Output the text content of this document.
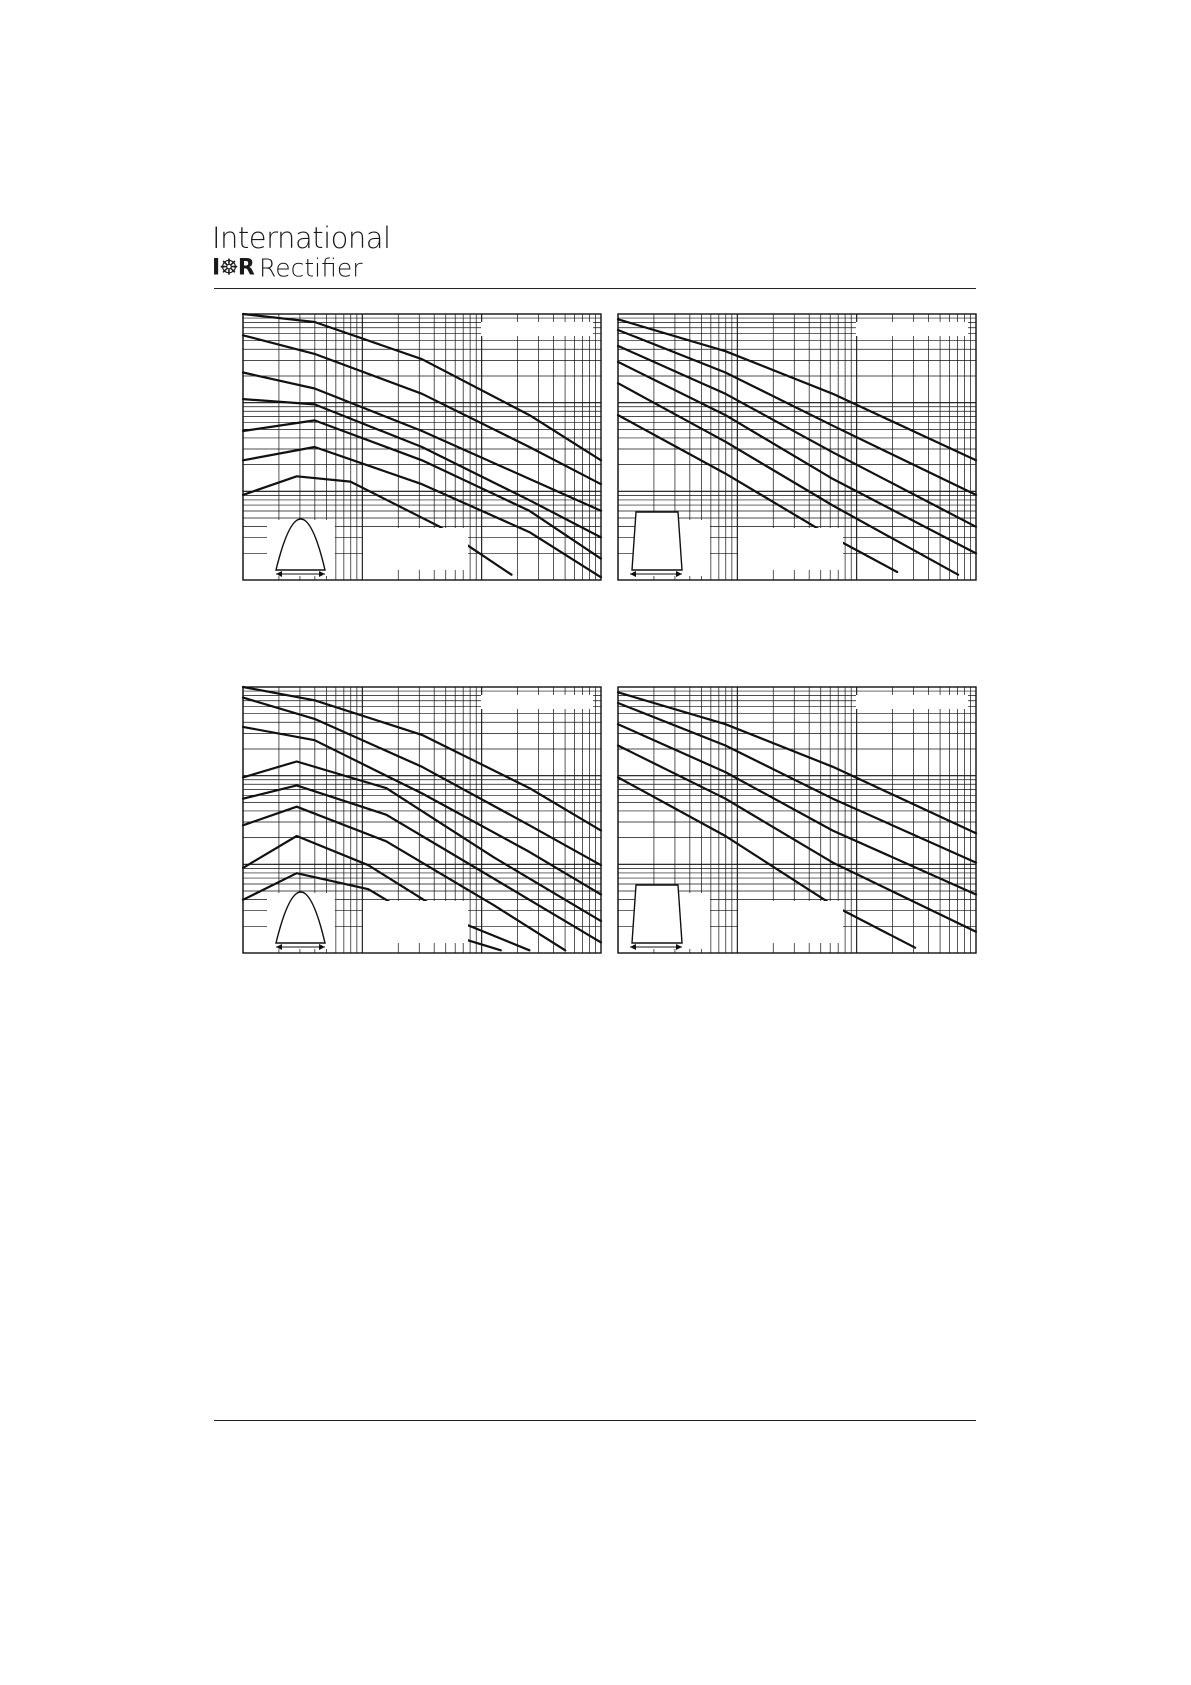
International
I☸R Rectifier
